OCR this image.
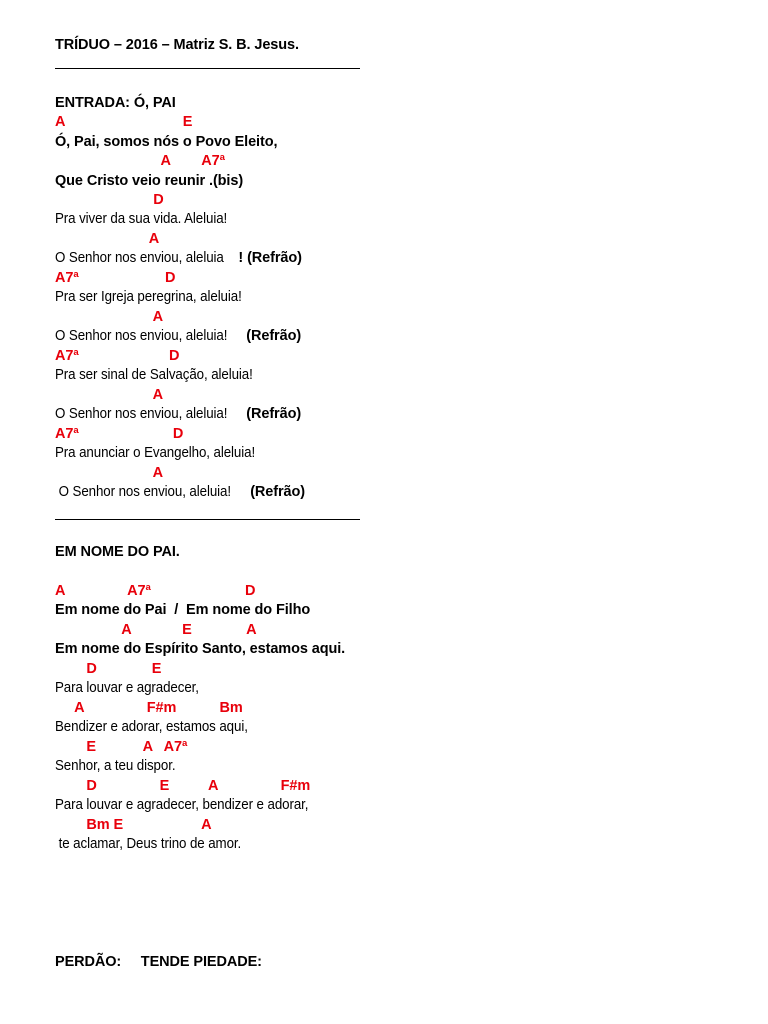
TRÍDUO – 2016 – Matriz S. B. Jesus.
ENTRADA: Ó, PAI
A                              E
Ó, Pai, somos nós o Povo Eleito,
A        A7ª
Que Cristo veio reunir .(bis)
D
Pra viver da sua vida. Aleluia!
A
O Senhor nos enviou, aleluia ! (Refrão)
A7ª                      D
Pra ser Igreja peregrina, aleluia!
A
O Senhor nos enviou, aleluia! (Refrão)
A7ª                       D
Pra ser sinal de Salvação, aleluia!
A
O Senhor nos enviou, aleluia! (Refrão)
A7ª                        D
Pra anunciar o Evangelho, aleluia!
A
O Senhor nos enviou, aleluia! (Refrão)
EM NOME DO PAI.
A                A7ª                        D
Em nome do Pai  /  Em nome do Filho
A             E              A
Em nome do Espírito Santo, estamos aqui.
D              E
Para louvar e agradecer,
A                F#m           Bm
Bendizer e adorar, estamos aqui,
E            A   A7ª
Senhor, a teu dispor.
D                E          A                F#m
Para louvar e agradecer, bendizer e adorar,
Bm E                    A
te aclamar, Deus trino de amor.
PERDÃO:     TENDE PIEDADE:
